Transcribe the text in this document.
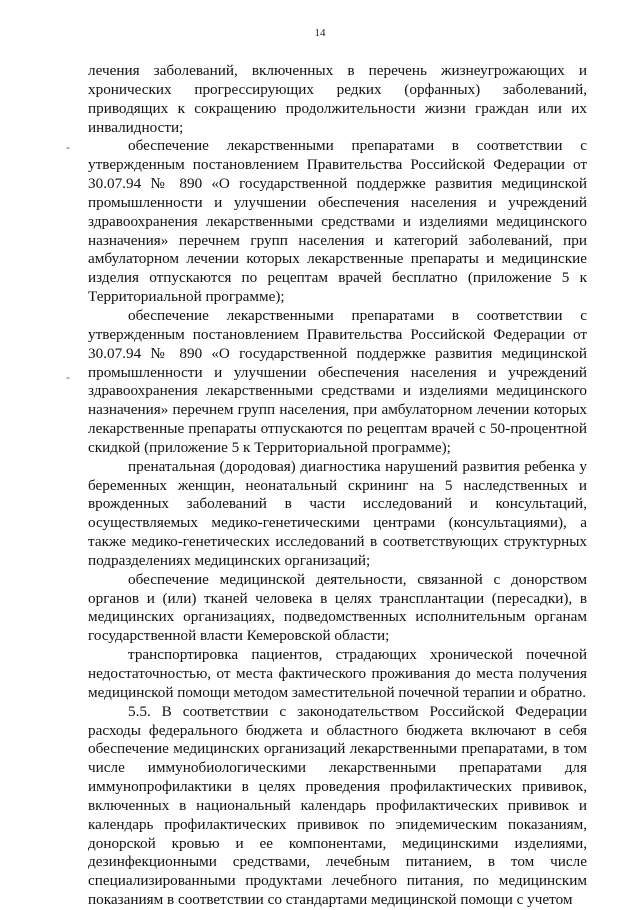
14
-
-

лечения заболеваний, включенных в перечень жизнеугрожающих и хронических прогрессирующих редких (орфанных) заболеваний, приводящих к сокращению продолжительности жизни граждан или их инвалидности;

обеспечение лекарственными препаратами в соответствии с утвержденным постановлением Правительства Российской Федерации от 30.07.94 № 890 «О государственной поддержке развития медицинской промышленности и улучшении обеспечения населения и учреждений здравоохранения лекарственными средствами и изделиями медицинского назначения» перечнем групп населения и категорий заболеваний, при амбулаторном лечении которых лекарственные препараты и медицинские изделия отпускаются по рецептам врачей бесплатно (приложение 5 к Территориальной программе);

обеспечение лекарственными препаратами в соответствии с утвержденным постановлением Правительства Российской Федерации от 30.07.94 № 890 «О государственной поддержке развития медицинской промышленности и улучшении обеспечения населения и учреждений здравоохранения лекарственными средствами и изделиями медицинского назначения» перечнем групп населения, при амбулаторном лечении которых лекарственные препараты отпускаются по рецептам врачей с 50-процентной скидкой (приложение 5 к Территориальной программе);

пренатальная (дородовая) диагностика нарушений развития ребенка у беременных женщин, неонатальный скрининг на 5 наследственных и врожденных заболеваний в части исследований и консультаций, осуществляемых медико-генетическими центрами (консультациями), а также медико-генетических исследований в соответствующих структурных подразделениях медицинских организаций;

обеспечение медицинской деятельности, связанной с донорством органов и (или) тканей человека в целях трансплантации (пересадки), в медицинских организациях, подведомственных исполнительным органам государственной власти Кемеровской области;

транспортировка пациентов, страдающих хронической почечной недостаточностью, от места фактического проживания до места получения медицинской помощи методом заместительной почечной терапии и обратно.

5.5. В соответствии с законодательством Российской Федерации расходы федерального бюджета и областного бюджета включают в себя обеспечение медицинских организаций лекарственными препаратами, в том числе иммунобиологическими лекарственными препаратами для иммунопрофилактики в целях проведения профилактических прививок, включенных в национальный календарь профилактических прививок и календарь профилактических прививок по эпидемическим показаниям, донорской кровью и ее компонентами, медицинскими изделиями, дезинфекционными средствами, лечебным питанием, в том числе специализированными продуктами лечебного питания, по медицинским показаниям в соответствии со стандартами медицинской помощи с учетом
